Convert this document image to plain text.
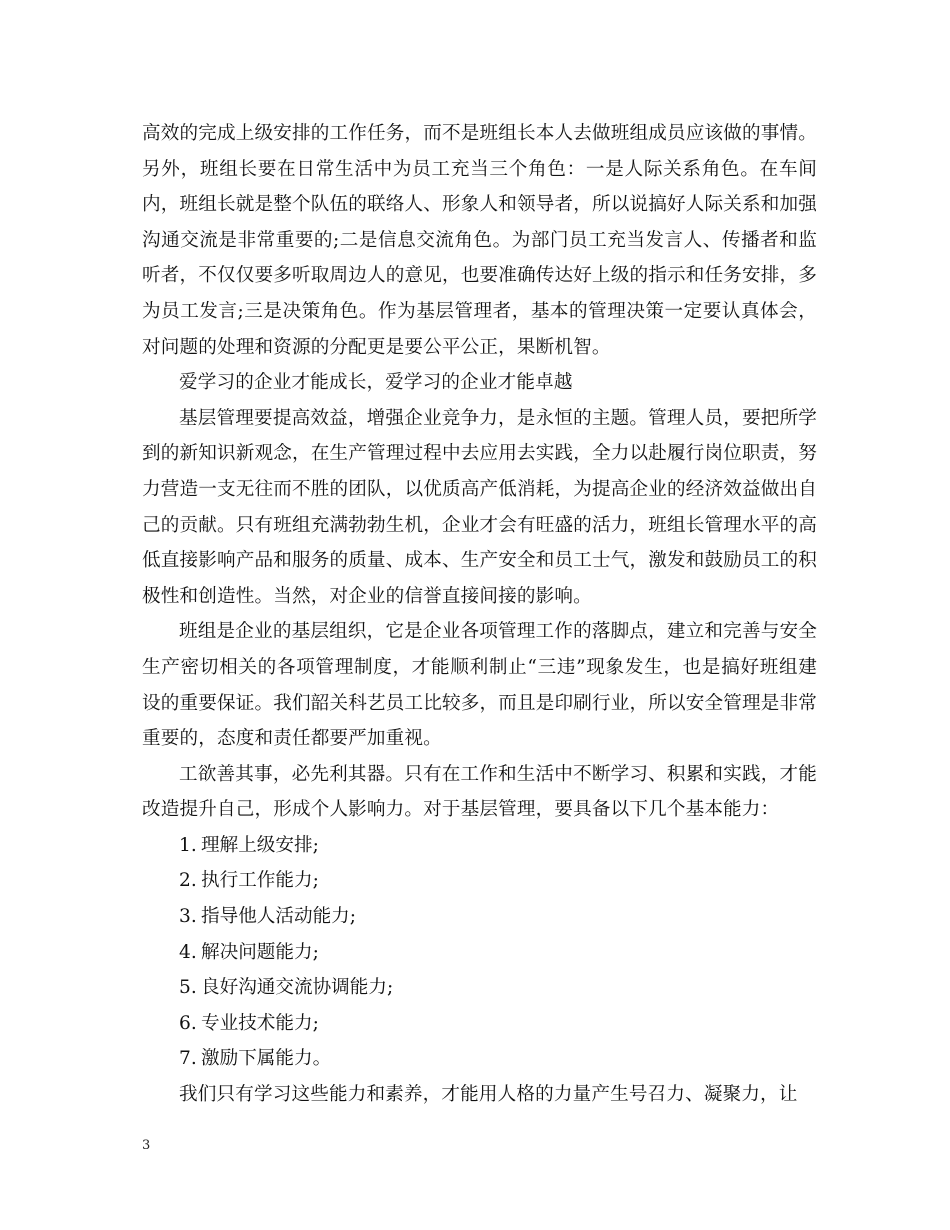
高效的完成上级安排的工作任务，而不是班组长本人去做班组成员应该做的事情。另外，班组长要在日常生活中为员工充当三个角色：一是人际关系角色。在车间内，班组长就是整个队伍的联络人、形象人和领导者，所以说搞好人际关系和加强沟通交流是非常重要的;二是信息交流角色。为部门员工充当发言人、传播者和监听者，不仅仅要多听取周边人的意见，也要准确传达好上级的指示和任务安排，多为员工发言;三是决策角色。作为基层管理者，基本的管理决策一定要认真体会，对问题的处理和资源的分配更是要公平公正，果断机智。

爱学习的企业才能成长，爱学习的企业才能卓越

基层管理要提高效益，增强企业竞争力，是永恒的主题。管理人员，要把所学到的新知识新观念，在生产管理过程中去应用去实践，全力以赴履行岗位职责，努力营造一支无往而不胜的团队，以优质高产低消耗，为提高企业的经济效益做出自己的贡献。只有班组充满勃勃生机，企业才会有旺盛的活力，班组长管理水平的高低直接影响产品和服务的质量、成本、生产安全和员工士气，激发和鼓励员工的积极性和创造性。当然，对企业的信誉直接间接的影响。

班组是企业的基层组织，它是企业各项管理工作的落脚点，建立和完善与安全生产密切相关的各项管理制度，才能顺利制止“三违”现象发生，也是搞好班组建设的重要保证。我们韶关科艺员工比较多，而且是印刷行业，所以安全管理是非常重要的，态度和责任都要严加重视。

工欲善其事，必先利其器。只有在工作和生活中不断学习、积累和实践，才能改造提升自己，形成个人影响力。对于基层管理，要具备以下几个基本能力：

1. 理解上级安排;
2. 执行工作能力;
3. 指导他人活动能力;
4. 解决问题能力;
5. 良好沟通交流协调能力;
6. 专业技术能力;
7. 激励下属能力。

我们只有学习这些能力和素养，才能用人格的力量产生号召力、凝聚力，让

3
